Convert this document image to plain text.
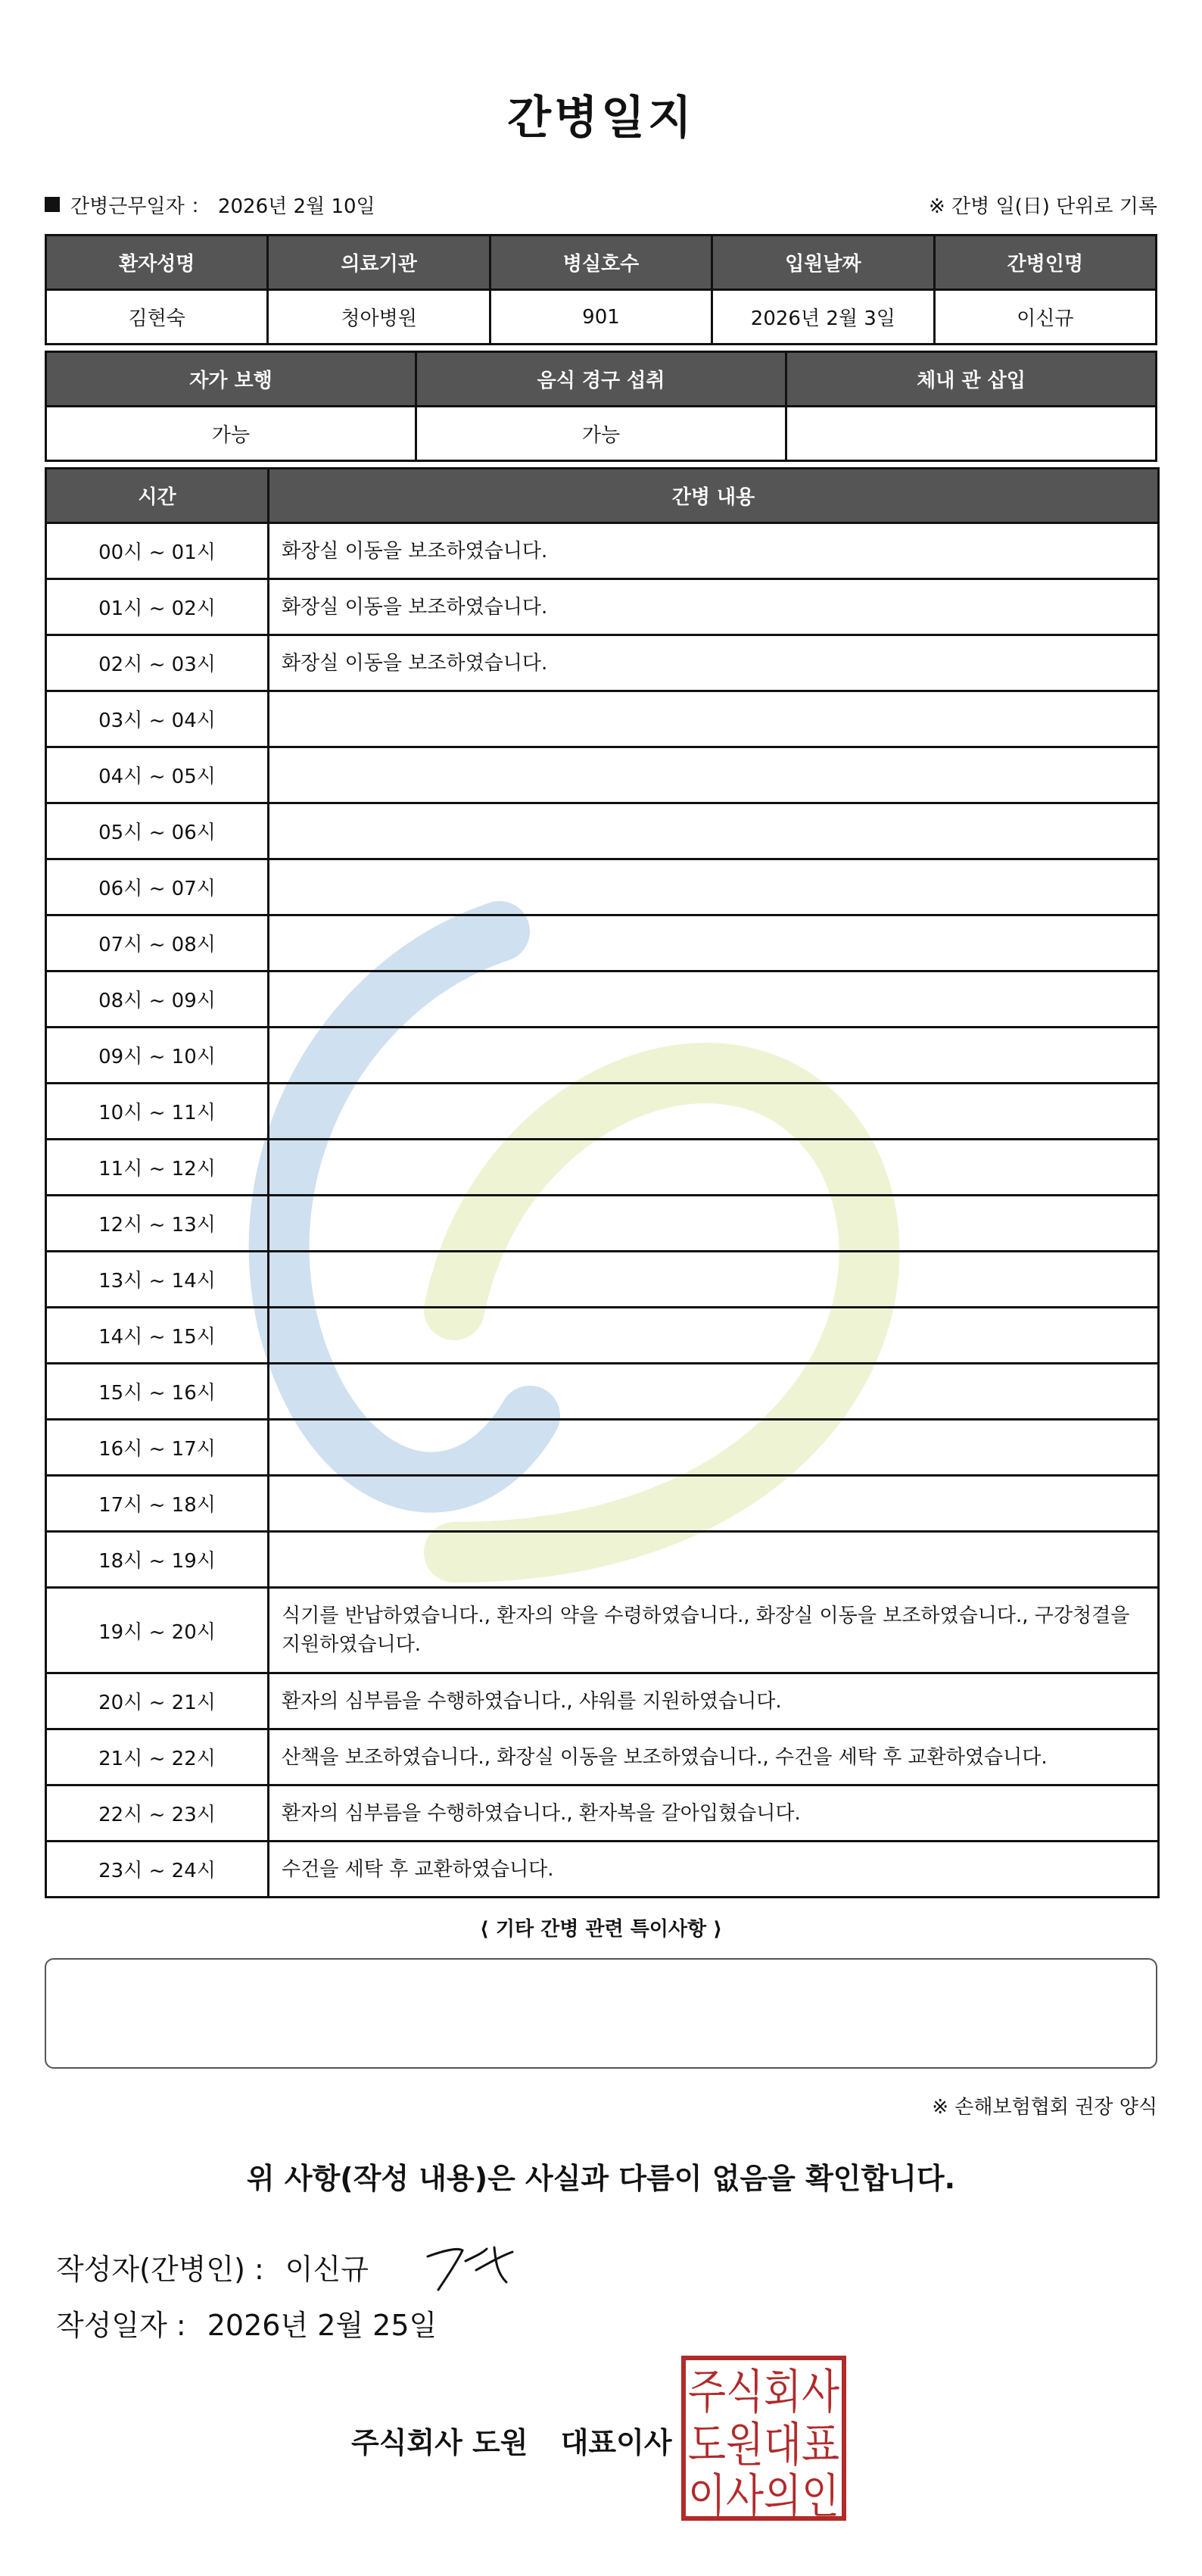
간병일지
간병근무일자 ： 2026년 2월 10일	※ 간병 일(日) 단위로 기록
환자성명	의료기관	병실호수	입원날짜	간병인명
김현숙	청아병원	901	2026년 2월 3일	이신규
자가 보행	음식 경구 섭취	체내 관 삽입
가능	가능	
시간	간병 내용
00시 ~ 01시	화장실 이동을 보조하였습니다.
01시 ~ 02시	화장실 이동을 보조하였습니다.
02시 ~ 03시	화장실 이동을 보조하였습니다.
03시 ~ 04시	
04시 ~ 05시	
05시 ~ 06시	
06시 ~ 07시	
07시 ~ 08시	
08시 ~ 09시	
09시 ~ 10시	
10시 ~ 11시	
11시 ~ 12시	
12시 ~ 13시	
13시 ~ 14시	
14시 ~ 15시	
15시 ~ 16시	
16시 ~ 17시	
17시 ~ 18시	
18시 ~ 19시	
19시 ~ 20시	식기를 반납하였습니다., 환자의 약을 수령하였습니다., 화장실 이동을 보조하였습니다., 구강청결을 지원하였습니다.
20시 ~ 21시	환자의 심부름을 수행하였습니다., 샤워를 지원하였습니다.
21시 ~ 22시	산책을 보조하였습니다., 화장실 이동을 보조하였습니다., 수건을 세탁 후 교환하였습니다.
22시 ~ 23시	환자의 심부름을 수행하였습니다., 환자복을 갈아입혔습니다.
23시 ~ 24시	수건을 세탁 후 교환하였습니다.
⟨ 기타 간병 관련 특이사항 ⟩
※ 손해보험협회 권장 양식
위 사항(작성 내용)은 사실과 다름이 없음을 확인합니다.
작성자(간병인) : 이신규
작성일자 : 2026년 2월 25일
주식회사 도원 대표이사
주식회사
도원대표
이사의인
